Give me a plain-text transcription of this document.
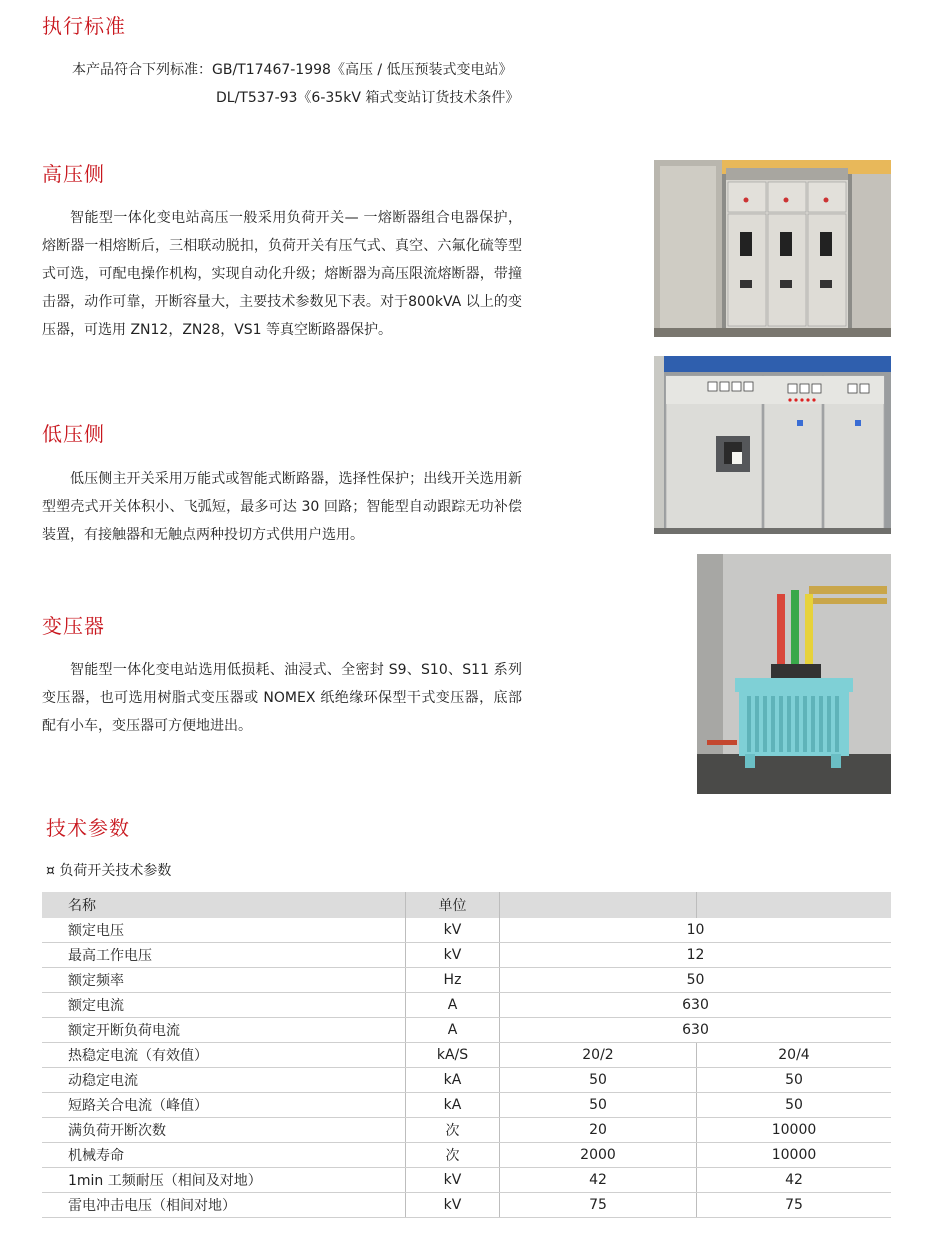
执行标准
本产品符合下列标准：GB/T17467-1998《高压 / 低压预装式变电站》
DL/T537-93《6-35kV 箱式变站订货技术条件》
高压侧

智能型一体化变电站高压一般采用负荷开关— 一熔断器组合电器保护，熔断器一相熔断后，三相联动脱扣，负荷开关有压气式、真空、六氟化硫等型式可选，可配电操作机构，实现自动化升级；熔断器为高压限流熔断器，带撞击器，动作可靠，开断容量大，主要技术参数见下表。对于800kVA 以上的变压器，可选用 ZN12，ZN28，VS1 等真空断路器保护。

低压侧

低压侧主开关采用万能式或智能式断路器，选择性保护；出线开关选用新型塑壳式开关体积小、飞弧短，最多可达 30 回路；智能型自动跟踪无功补偿装置，有接触器和无触点两种投切方式供用户选用。

变压器

智能型一体化变电站选用低损耗、油浸式、全密封 S9、S10、S11 系列变压器，也可选用树脂式变压器或 NOMEX 纸绝缘环保型干式变压器，底部配有小车，变压器可方便地进出。

技术参数
¤ 负荷开关技术参数
名称	单位		
额定电压	kV	10	
最高工作电压	kV	12	
额定频率	Hz	50	
额定电流	A	630	
额定开断负荷电流	A	630	
热稳定电流（有效值）	kA/S	20/2	20/4
动稳定电流	kA	50	50
短路关合电流（峰值）	kA	50	50
满负荷开断次数	次	20	10000
机械寿命	次	2000	10000
1min 工频耐压（相间及对地）	kV	42	42
雷电冲击电压（相间对地）	kV	75	75
